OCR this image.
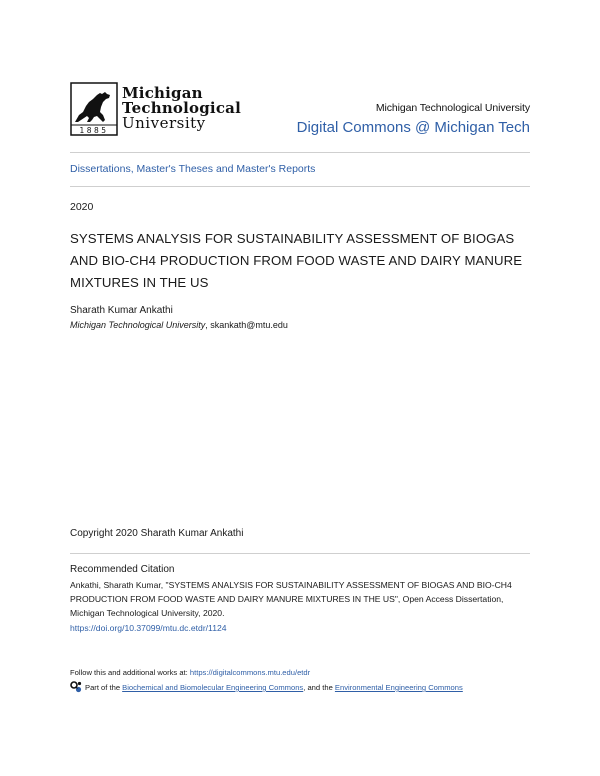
1885
Michigan
Technological
University
Michigan Technological University
Digital Commons @ Michigan Tech
Dissertations, Master's Theses and Master's Reports
2020
SYSTEMS ANALYSIS FOR SUSTAINABILITY ASSESSMENT OF BIOGAS AND BIO-CH4 PRODUCTION FROM FOOD WASTE AND DAIRY MANURE MIXTURES IN THE US
Sharath Kumar Ankathi
Michigan Technological University, skankath@mtu.edu
Copyright 2020 Sharath Kumar Ankathi
Recommended Citation
Ankathi, Sharath Kumar, "SYSTEMS ANALYSIS FOR SUSTAINABILITY ASSESSMENT OF BIOGAS AND BIO-CH4 PRODUCTION FROM FOOD WASTE AND DAIRY MANURE MIXTURES IN THE US", Open Access Dissertation, Michigan Technological University, 2020.
https://doi.org/10.37099/mtu.dc.etdr/1124
Follow this and additional works at: https://digitalcommons.mtu.edu/etdr
Part of the Biochemical and Biomolecular Engineering Commons, and the Environmental Engineering Commons
